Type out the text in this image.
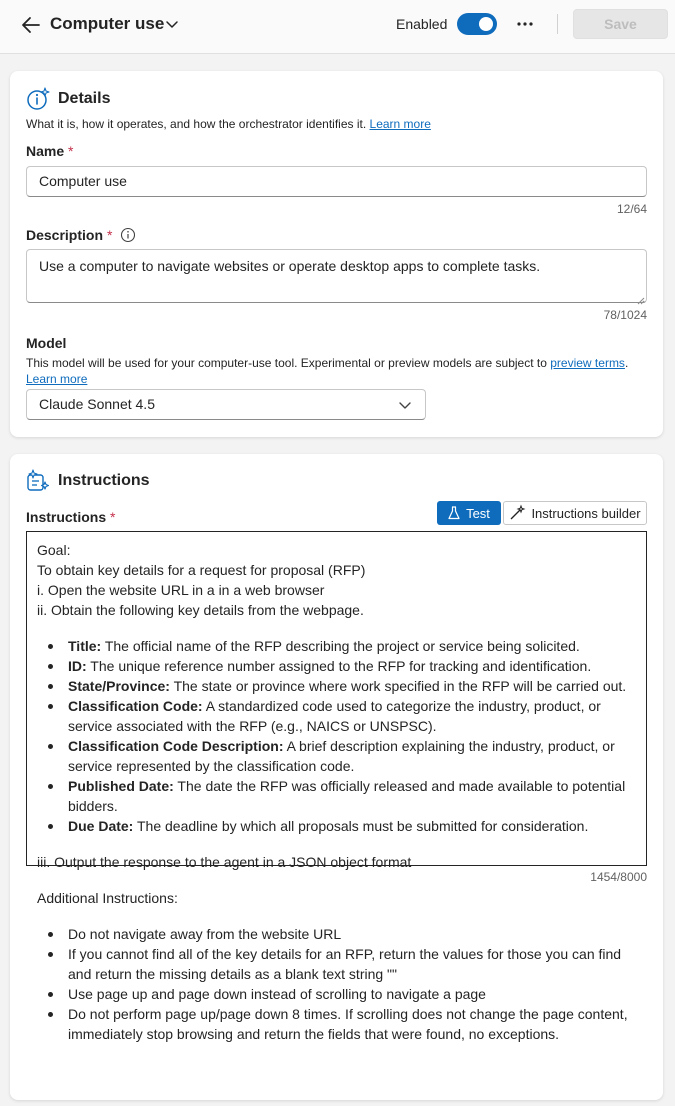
Computer use	Enabled	Save
Details
What it is, how it operates, and how the orchestrator identifies it. Learn more
Name *
Computer use
12/64
Description *
Use a computer to navigate websites or operate desktop apps to complete tasks.
78/1024
Model
This model will be used for your computer-use tool. Experimental or preview models are subject to preview terms.
Learn more
Claude Sonnet 4.5
Instructions
Instructions *	Test	Instructions builder

Goal:

To obtain key details for a request for proposal (RFP)

i. Open the website URL in a in a web browser

ii. Obtain the following key details from the webpage.

Title: The official name of the RFP describing the project or service being solicited.
ID: The unique reference number assigned to the RFP for tracking and identification.
State/Province: The state or province where work specified in the RFP will be carried out.
Classification Code: A standardized code used to categorize the industry, product, or service associated with the RFP (e.g., NAICS or UNSPSC).
Classification Code Description: A brief description explaining the industry, product, or service represented by the classification code.
Published Date: The date the RFP was officially released and made available to potential bidders.
Due Date: The deadline by which all proposals must be submitted for consideration.

iii. Output the response to the agent in a JSON object format

Additional Instructions:

Do not navigate away from the website URL
If you cannot find all of the key details for an RFP, return the values for those you can find and return the missing details as a blank text string ""
Use page up and page down instead of scrolling to navigate a page
Do not perform page up/page down 8 times. If scrolling does not change the page content, immediately stop browsing and return the fields that were found, no exceptions.
1454/8000
